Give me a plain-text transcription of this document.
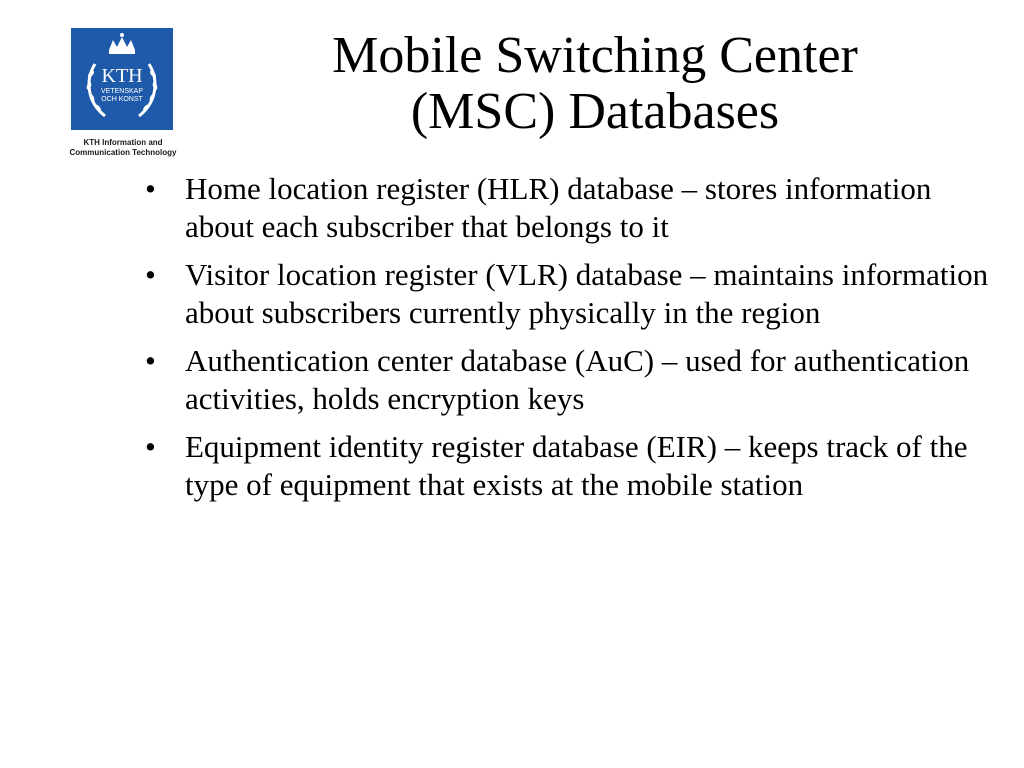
KTH
VETENSKAP
OCH KONST
KTH Information and
Communication Technology
Mobile Switching Center
(MSC) Databases
• Home location register (HLR) database – stores information about each subscriber that belongs to it
• Visitor location register (VLR) database – maintains information about subscribers currently physically in the region
• Authentication center database (AuC) – used for authentication activities, holds encryption keys
• Equipment identity register database (EIR) – keeps track of the type of equipment that exists at the mobile station
